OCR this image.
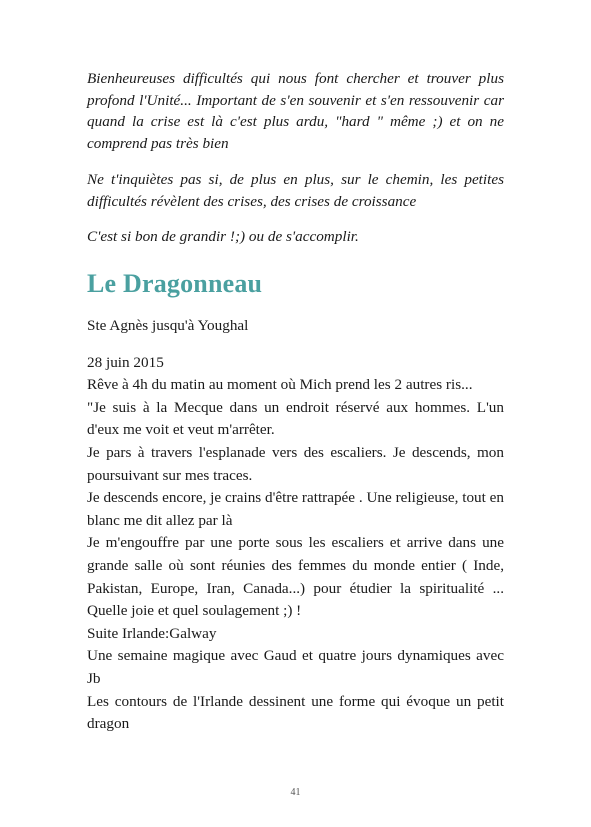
Bienheureuses difficultés qui nous font chercher et trouver plus profond l'Unité... Important de s'en souvenir et s'en ressouvenir car quand la crise est là c'est plus ardu, "hard " même ;) et on ne comprend pas très bien

Ne t'inquiètes pas si, de plus en plus, sur le chemin, les petites difficultés révèlent des crises, des crises de croissance

C'est si bon de grandir !;) ou de s'accomplir.

Le Dragonneau

Ste Agnès jusqu'à Youghal

28 juin 2015
Rêve à 4h du matin au moment où Mich prend les 2 autres ris...
"Je suis à la Mecque dans un endroit réservé aux hommes. L'un d'eux me voit et veut m'arrêter.
Je pars à travers l'esplanade vers des escaliers. Je descends, mon poursuivant sur mes traces.
Je descends encore, je crains d'être rattrapée . Une religieuse, tout en blanc me dit allez par là
Je m'engouffre par une porte sous les escaliers et arrive dans une grande salle où sont réunies des femmes du monde entier ( Inde, Pakistan, Europe, Iran, Canada...) pour étudier la spiritualité ... Quelle joie et quel soulagement ;) !
Suite Irlande:Galway
Une semaine magique avec Gaud et quatre jours dynamiques avec Jb
Les contours de l'Irlande dessinent une forme qui évoque un petit dragon
41
